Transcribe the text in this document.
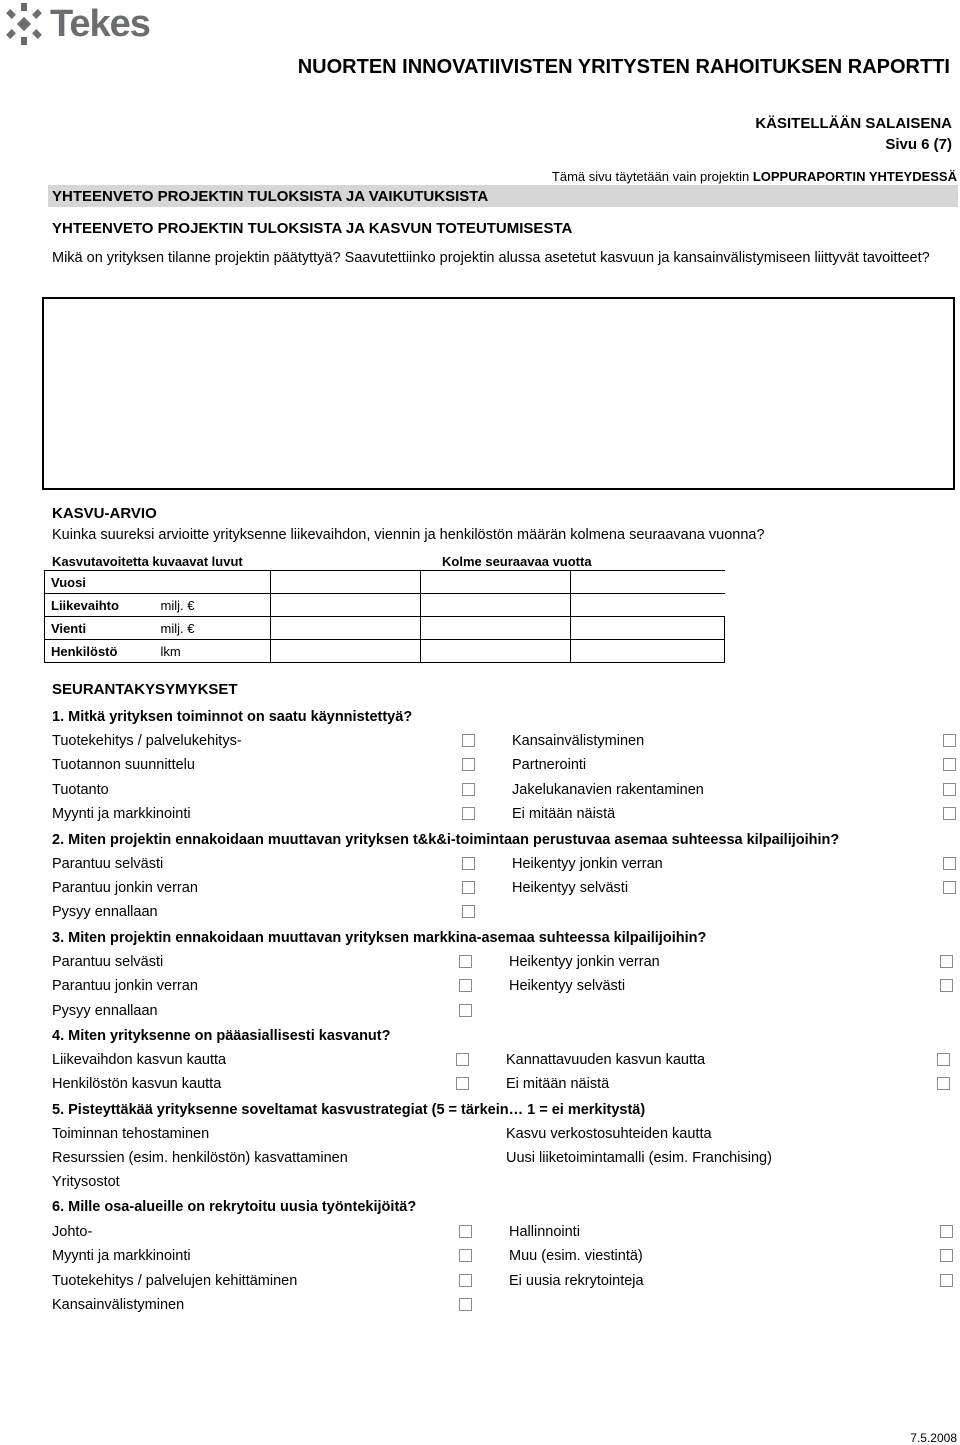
Tekes
NUORTEN INNOVATIIVISTEN YRITYSTEN RAHOITUKSEN RAPORTTI
KÄSITELLÄÄN SALAISENA
Sivu 6 (7)
Tämä sivu täytetään vain projektin LOPPURAPORTIN YHTEYDESSÄ
YHTEENVETO PROJEKTIN TULOKSISTA JA VAIKUTUKSISTA
YHTEENVETO PROJEKTIN TULOKSISTA JA KASVUN TOTEUTUMISESTA
Mikä on yrityksen tilanne projektin päätyttyä? Saavutettiinko projektin alussa asetetut kasvuun ja kansainvälistymiseen liittyvät tavoitteet?
KASVU-ARVIO
Kuinka suureksi arvioitte yrityksenne liikevaihdon, viennin ja henkilöstön määrän kolmena seuraavana vuonna?
Kasvutavoitetta kuvaavat luvut	Kolme seuraavaa vuotta
Vuosi				
Liikevaihto	milj. €			
Vienti	milj. €			
Henkilöstö	lkm			
SEURANTAKYSYMYKSET
1. Mitkä yrityksen toiminnot on saatu käynnistettyä?
Tuotekehitys / palvelukehitys-	Kansainvälistyminen
Tuotannon suunnittelu	Partnerointi
Tuotanto	Jakelukanavien rakentaminen
Myynti ja markkinointi	Ei mitään näistä
2. Miten projektin ennakoidaan muuttavan yrityksen t&k&i-toimintaan perustuvaa asemaa suhteessa kilpailijoihin?
Parantuu selvästi	Heikentyy jonkin verran
Parantuu jonkin verran	Heikentyy selvästi
Pysyy ennallaan
3. Miten projektin ennakoidaan muuttavan yrityksen markkina-asemaa suhteessa kilpailijoihin?
Parantuu selvästi	Heikentyy jonkin verran
Parantuu jonkin verran	Heikentyy selvästi
Pysyy ennallaan
4. Miten yrityksenne on pääasiallisesti kasvanut?
Liikevaihdon kasvun kautta	Kannattavuuden kasvun kautta
Henkilöstön kasvun kautta	Ei mitään näistä
5. Pisteyttäkää yrityksenne soveltamat kasvustrategiat (5 = tärkein… 1 = ei merkitystä)
Toiminnan tehostaminen	Kasvu verkostosuhteiden kautta
Resurssien (esim. henkilöstön) kasvattaminen	Uusi liiketoimintamalli (esim. Franchising)
Yritysostot
6. Mille osa-alueille on rekrytoitu uusia työntekijöitä?
Johto-	Hallinnointi
Myynti ja markkinointi	Muu (esim. viestintä)
Tuotekehitys / palvelujen kehittäminen	Ei uusia rekrytointeja
Kansainvälistyminen
7.5.2008
